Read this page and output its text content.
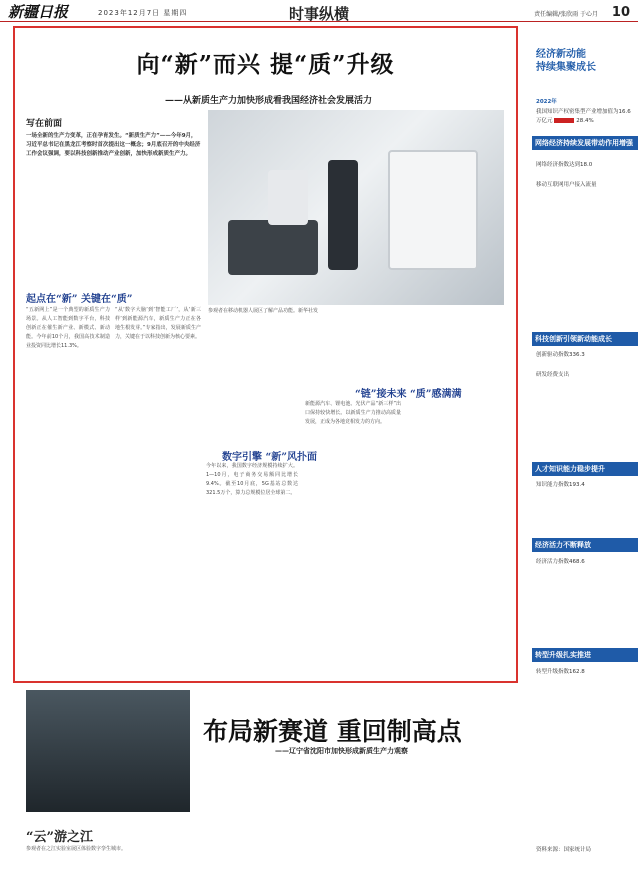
新疆日报	2023年12月7日 星期四	时事纵横	责任编辑/张欣雨 于心月 10
向“新”而兴 提“质”升级
——从新质生产力加快形成看我国经济社会发展活力
写在前面
一场全新的生产力变革，正在孕育发生。“新质生产力”——今年9月，习近平总书记在黑龙江考察时首次提出这一概念；9月底召开的中央经济工作会议强调，要以科技创新推动产业创新，加快形成新质生产力。
起点在“新” 关键在“质”
“五新网上”是一个典型的新质生产力场景。从人工智能到数字平台，科技创新正在催生新产业、新模式、新动能。今年前10个月，我国高技术制造业投资同比增长11.3%。
“从‘数字大脑’到‘智能工厂’，从‘新三样’到新能源汽车，新质生产力正在各地生根发芽。”专家指出，发展新质生产力，关键在于以科技创新为核心要素。
参观者在移动机器人展区了解产品功能。新华社发
数字引擎 “新”风扑面
今年以来，我国数字经济规模持续扩大。1—10月，电子商务交易额同比增长9.4%。截至10月底，5G基站总数达321.5万个，算力总规模位居全球第二。
“链”接未来 “质”感满满
新能源汽车、锂电池、光伏产品“新三样”出口保持较快增长。以新质生产力推动高质量发展，正成为各地竞相发力的方向。
“云”游之江
参观者在之江实验室展区体验数字孪生城市。
布局新赛道 重回制高点
——辽宁省沈阳市加快形成新质生产力观察
网络经济持续发展带动作用增强
网络经济指数达到18.0
移动互联网用户接入流量
科技创新引领新动能成长
创新驱动指数336.3
研发经费支出
人才知识能力稳步提升
知识能力指数193.4
经济活力不断释放
经济活力指数468.6
转型升级扎实推进
转型升级指数162.8
资料来源：国家统计局
经济新动能
持续集聚成长
2022年
我国知识产权密集型产业增加值为16.6万亿元	28.4%
